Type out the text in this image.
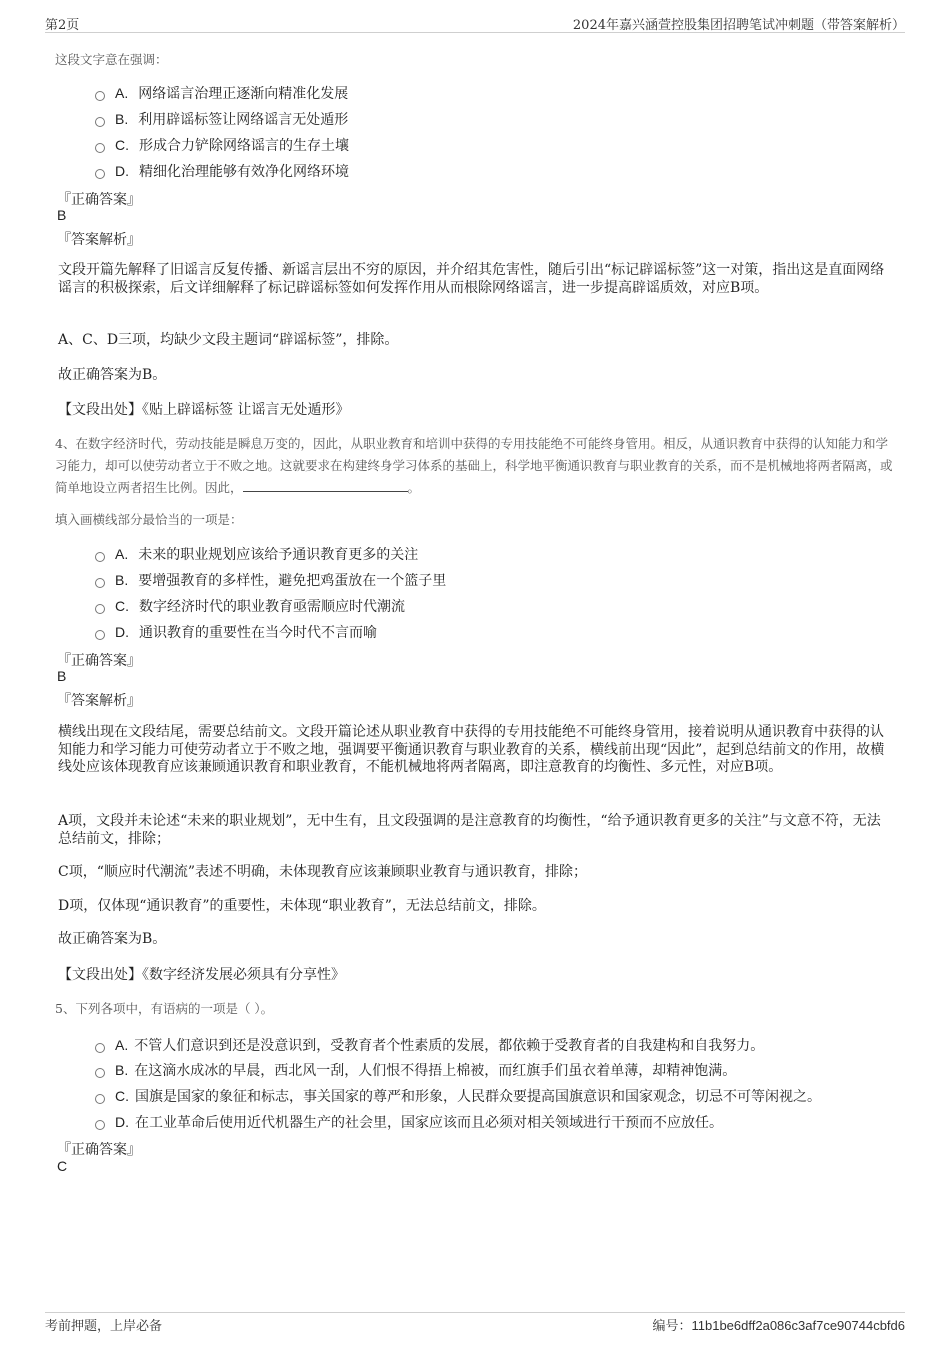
第2页	2024年嘉兴涵萱控股集团招聘笔试冲刺题（带答案解析）
这段文字意在强调：
A. 网络谣言治理正逐渐向精准化发展
B. 利用辟谣标签让网络谣言无处遁形
C. 形成合力铲除网络谣言的生存土壤
D. 精细化治理能够有效净化网络环境
『正确答案』
B
『答案解析』
文段开篇先解释了旧谣言反复传播、新谣言层出不穷的原因，并介绍其危害性，随后引出“标记辟谣标签”这一对策，指出这是直面网络谣言的积极探索，后文详细解释了标记辟谣标签如何发挥作用从而根除网络谣言，进一步提高辟谣质效，对应B项。
A、C、D三项，均缺少文段主题词“辟谣标签”，排除。
故正确答案为B。
【文段出处】《贴上辟谣标签 让谣言无处遁形》
4、在数字经济时代，劳动技能是瞬息万变的，因此，从职业教育和培训中获得的专用技能绝不可能终身管用。相反，从通识教育中获得的认知能力和学习能力，却可以使劳动者立于不败之地。这就要求在构建终身学习体系的基础上，科学地平衡通识教育与职业教育的关系，而不是机械地将两者隔离，或简单地设立两者招生比例。因此，	。
填入画横线部分最恰当的一项是：
A. 未来的职业规划应该给予通识教育更多的关注
B. 要增强教育的多样性，避免把鸡蛋放在一个篮子里
C. 数字经济时代的职业教育亟需顺应时代潮流
D. 通识教育的重要性在当今时代不言而喻
『正确答案』
B
『答案解析』
横线出现在文段结尾，需要总结前文。文段开篇论述从职业教育中获得的专用技能绝不可能终身管用，接着说明从通识教育中获得的认知能力和学习能力可使劳动者立于不败之地，强调要平衡通识教育与职业教育的关系，横线前出现“因此”，起到总结前文的作用，故横线处应该体现教育应该兼顾通识教育和职业教育，不能机械地将两者隔离，即注意教育的均衡性、多元性，对应B项。
A项，文段并未论述“未来的职业规划”，无中生有，且文段强调的是注意教育的均衡性，“给予通识教育更多的关注”与文意不符，无法总结前文，排除；
C项，“顺应时代潮流”表述不明确，未体现教育应该兼顾职业教育与通识教育，排除；
D项，仅体现“通识教育”的重要性，未体现“职业教育”，无法总结前文，排除。
故正确答案为B。
【文段出处】《数字经济发展必须具有分享性》
5、下列各项中，有语病的一项是（ ）。
A. 不管人们意识到还是没意识到，受教育者个性素质的发展，都依赖于受教育者的自我建构和自我努力。
B. 在这滴水成冰的早晨，西北风一刮，人们恨不得捂上棉被，而红旗手们虽衣着单薄，却精神饱满。
C. 国旗是国家的象征和标志，事关国家的尊严和形象，人民群众要提高国旗意识和国家观念，切忌不可等闲视之。
D. 在工业革命后使用近代机器生产的社会里，国家应该而且必须对相关领域进行干预而不应放任。
『正确答案』
C
考前押题，上岸必备	编号：11b1be6dff2a086c3af7ce90744cbfd6
